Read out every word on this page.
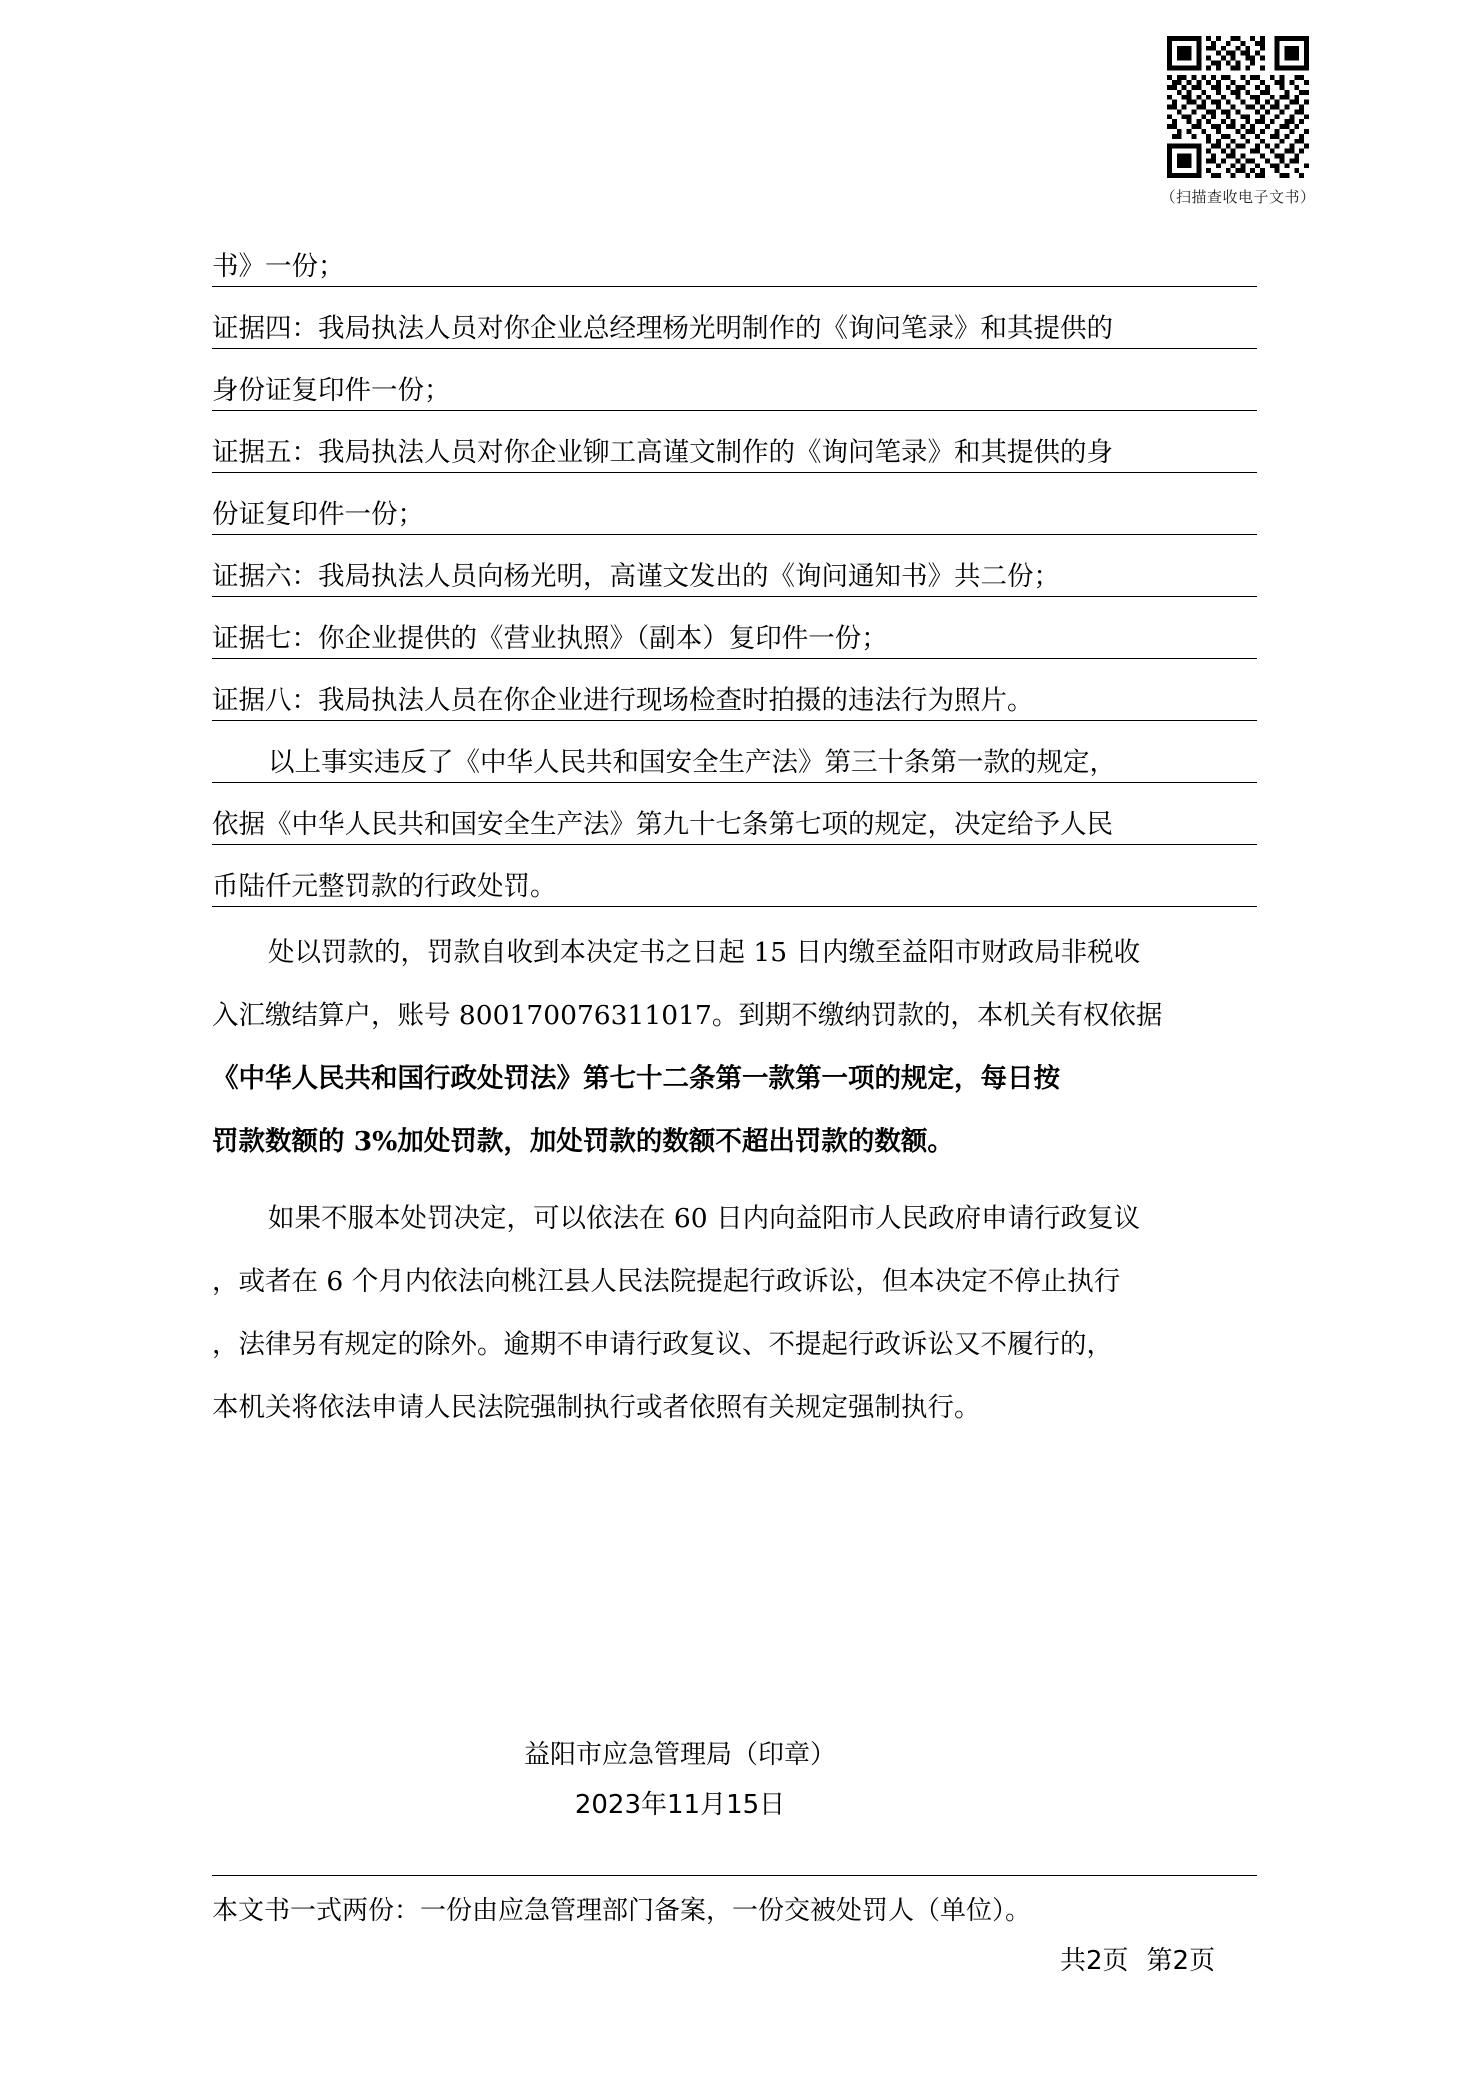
（扫描查收电子文书）
书》一份；
证据四：我局执法人员对你企业总经理杨光明制作的《询问笔录》和其提供的
身份证复印件一份；
证据五：我局执法人员对你企业铆工高谨文制作的《询问笔录》和其提供的身
份证复印件一份；
证据六：我局执法人员向杨光明，高谨文发出的《询问通知书》共二份；
证据七：你企业提供的《营业执照》（副本）复印件一份；
证据八：我局执法人员在你企业进行现场检查时拍摄的违法行为照片。
以上事实违反了《中华人民共和国安全生产法》第三十条第一款的规定，
依据《中华人民共和国安全生产法》第九十七条第七项的规定，决定给予人民
币陆仟元整罚款的行政处罚。
处以罚款的，罚款自收到本决定书之日起 15 日内缴至益阳市财政局非税收
入汇缴结算户，账号 800170076311017。到期不缴纳罚款的，本机关有权依据
《中华人民共和国行政处罚法》第七十二条第一款第一项的规定，每日按
罚款数额的 3%加处罚款，加处罚款的数额不超出罚款的数额。
如果不服本处罚决定，可以依法在 60 日内向益阳市人民政府申请行政复议
，或者在 6 个月内依法向桃江县人民法院提起行政诉讼，但本决定不停止执行
，法律另有规定的除外。逾期不申请行政复议、不提起行政诉讼又不履行的，
本机关将依法申请人民法院强制执行或者依照有关规定强制执行。
益阳市应急管理局（印章）
2023年11月15日
本文书一式两份：一份由应急管理部门备案，一份交被处罚人（单位）。
共2页 第2页
